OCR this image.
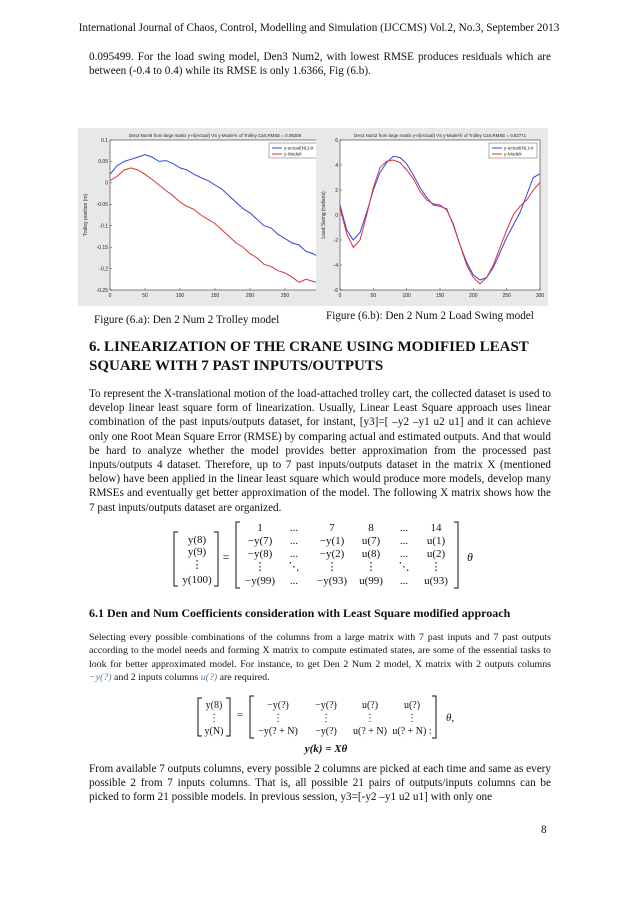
International Journal of Chaos, Control, Modelling and Simulation (IJCCMS) Vol.2, No.3, September 2013
0.095499. For the load swing model, Den3 Num2, with lowest RMSE produces residuals which are between (-0.4 to 0.4) while its RMSE is only 1.6366, Fig (6.b).
Den3 Num8 from large matrix y-nl(Actual) VS y-Model-lr of Trolley Cart,RMSE = 0.09208
0	50	100	150	200	250
0.1
0.05
0
-0.05
-0.1
-0.15
-0.2
-0.25
Trolley position (m)
y-actual(NL)-tr
y-Modelr
Figure (6.a): Den 2 Num 2 Trolley model
Den3 Num2 from large matrix y-nl(Actual) VS y-Model-lr of Trolley Cart,RMSE = 0.82771
0	50	100	150	200	250	300
6
4
2
0
-2
-4
-6
Load Swing (radians)
y-actual(NL)-tr
y-Modelr
Figure (6.b): Den 2 Num 2 Load Swing model
6. LINEARIZATION OF THE CRANE USING MODIFIED LEAST SQUARE WITH 7 PAST INPUTS/OUTPUTS
To represent the X-translational motion of the load-attached trolley cart, the collected dataset is used to develop linear least square form of linearization. Usually, Linear Least Square approach uses linear combination of the past inputs/outputs dataset, for instant, [y3]=[ –y2 –y1 u2 u1] and it can achieve only one Root Mean Square Error (RMSE) by comparing actual and estimated outputs. And that would be hard to analyze whether the model provides better approximation from the processed past inputs/outputs 4 dataset. Therefore, up to 7 past inputs/outputs dataset in the matrix X (mentioned below) have been applied in the linear least square which would produce more models, develop many RMSEs and eventually get better approximation of the model. The following X matrix shows how the 7 past inputs/outputs dataset are organized.
y(8)
y(9)
⋮
y(100)
=
1 ...	7	8 ... 14
−y(7) ... −y(1) u(7) ... u(1)
−y(8) ... −y(2) u(8) ... u(2)
⋮ ⋱ ⋮	⋮ ⋱ ⋮
−y(99) ... −y(93) u(99) ... u(93)
θ
6.1 Den and Num Coefficients consideration with Least Square modified approach
Selecting every possible combinations of the columns from a large matrix with 7 past inputs and 7 past outputs according to the model needs and forming X matrix to compute estimated states, are some of the essential tasks to look for better approximated model. For instance, to get Den 2 Num 2 model, X matrix with 2 outputs columns −y(?) and 2 inputs columns u(?) are required.
y(8)
⋮
y(N)
=
−y(?)	−y(?)	u(?)	u(?)
⋮	⋮	⋮	⋮
−y(? + N) −y(?) u(? + N) u(? + N) :
θ,
y(k) = Xθ
From available 7 outputs columns, every possible 2 columns are picked at each time and same as every possible 2 from 7 inputs columns. That is, all possible 21 pairs of outputs/inputs columns can be picked to form 21 possible models. In previous session, y3=[-y2 –y1 u2 u1] with only one
8
